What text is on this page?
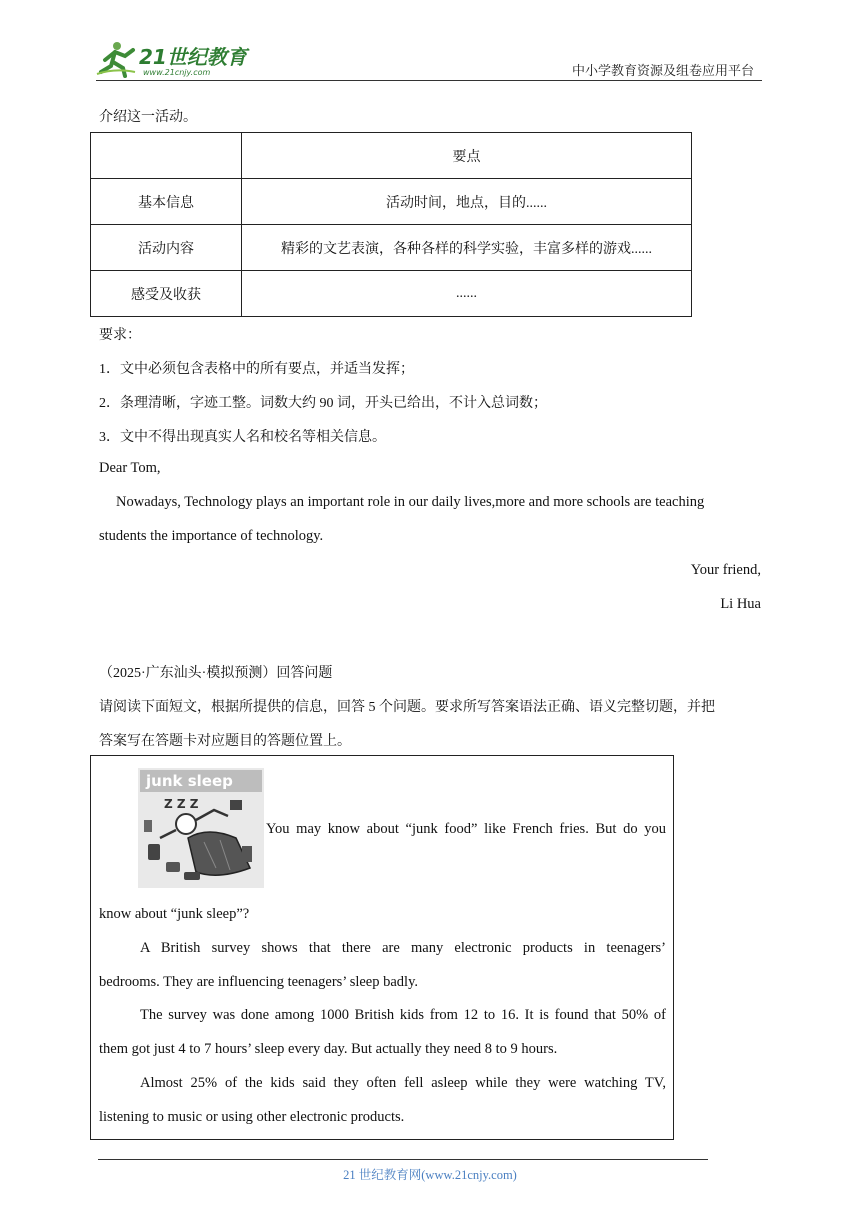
21世纪教育
www.21cnjy.com	中小学教育资源及组卷应用平台
介绍这一活动。
	要点
基本信息	活动时间，地点，目的......
活动内容	精彩的文艺表演，各种各样的科学实验，丰富多样的游戏......
感受及收获	......
要求：
1．文中必须包含表格中的所有要点，并适当发挥；
2．条理清晰，字迹工整。词数大约 90 词，开头已给出，不计入总词数；
3．文中不得出现真实人名和校名等相关信息。
Dear Tom,
Nowadays, Technology plays an important role in our daily lives,more and more schools are teaching
students the importance of technology.
Your friend,
Li Hua
（2025·广东汕头·模拟预测）回答问题
请阅读下面短文，根据所提供的信息，回答 5 个问题。要求所写答案语法正确、语义完整切题，并把
答案写在答题卡对应题目的答题位置上。
junk sleep
Z Z Z
You may know about “junk food” like French fries. But do you
know about “junk sleep”?
A British survey shows that there are many electronic products in teenagers’
bedrooms. They are influencing teenagers’ sleep badly.
The survey was done among 1000 British kids from 12 to 16. It is found that 50% of
them got just 4 to 7 hours’ sleep every day. But actually they need 8 to 9 hours.
Almost 25% of the kids said they often fell asleep while they were watching TV,
listening to music or using other electronic products.
21 世纪教育网(www.21cnjy.com)
